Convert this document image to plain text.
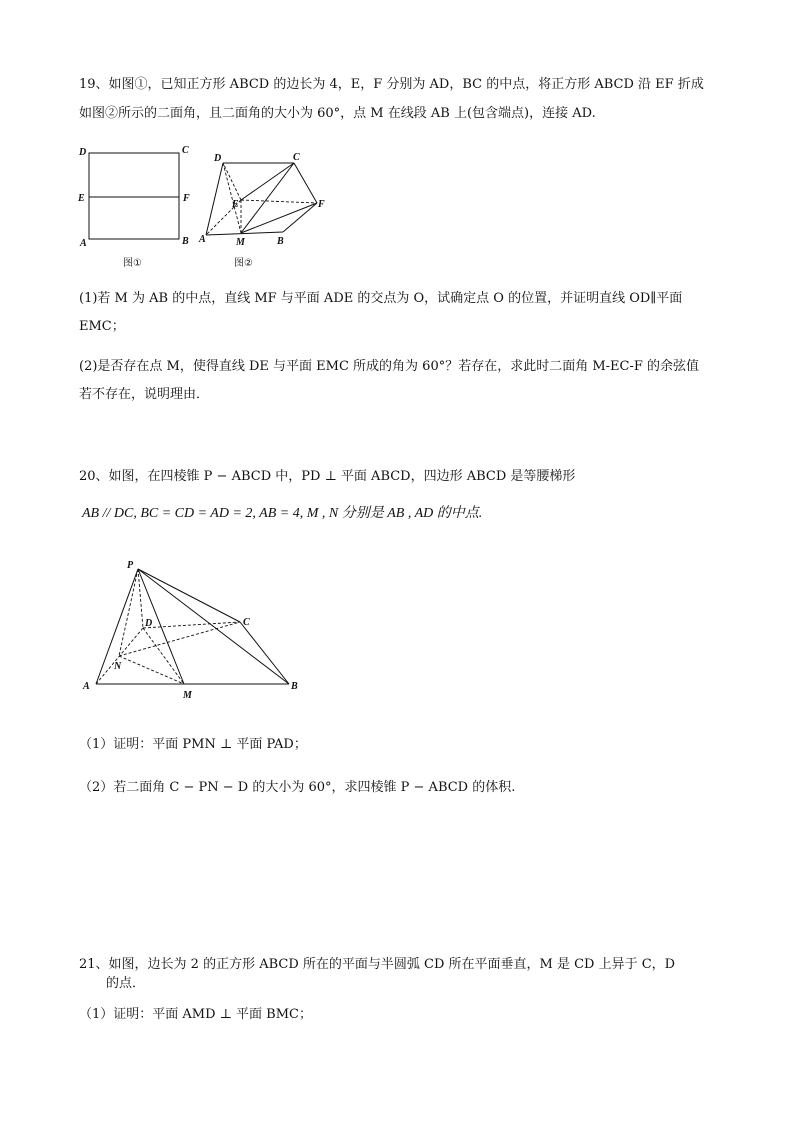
19、如图①，已知正方形 ABCD 的边长为 4，E，F 分别为 AD，BC 的中点，将正方形 ABCD 沿 EF 折成
如图②所示的二面角，且二面角的大小为 60°，点 M 在线段 AB 上(包含端点)，连接 AD.
D	C
E	F
A	B
图①
D	C
E	F
A	M	B
图②
(1)若 M 为 AB 的中点，直线 MF 与平面 ADE 的交点为 O，试确定点 O 的位置，并证明直线 OD∥平面
EMC；
(2)是否存在点 M，使得直线 DE 与平面 EMC 所成的角为 60°？若存在，求此时二面角 M-EC-F 的余弦值
若不存在，说明理由．
20、如图，在四棱锥 P − ABCD 中，PD ⊥ 平面 ABCD，四边形 ABCD 是等腰梯形
AB // DC, BC = CD = AD = 2, AB = 4, M , N 分别是 AB , AD 的中点.
P
D	C
N
A
M
B
（1）证明：平面 PMN ⊥ 平面 PAD；
（2）若二面角 C − PN − D 的大小为 60°，求四棱锥 P − ABCD 的体积.
21、如图，边长为 2 的正方形 ABCD 所在的平面与半圆弧 CD 所在平面垂直，M 是 CD 上异于 C，D
的点．
（1）证明：平面 AMD ⊥ 平面 BMC；
